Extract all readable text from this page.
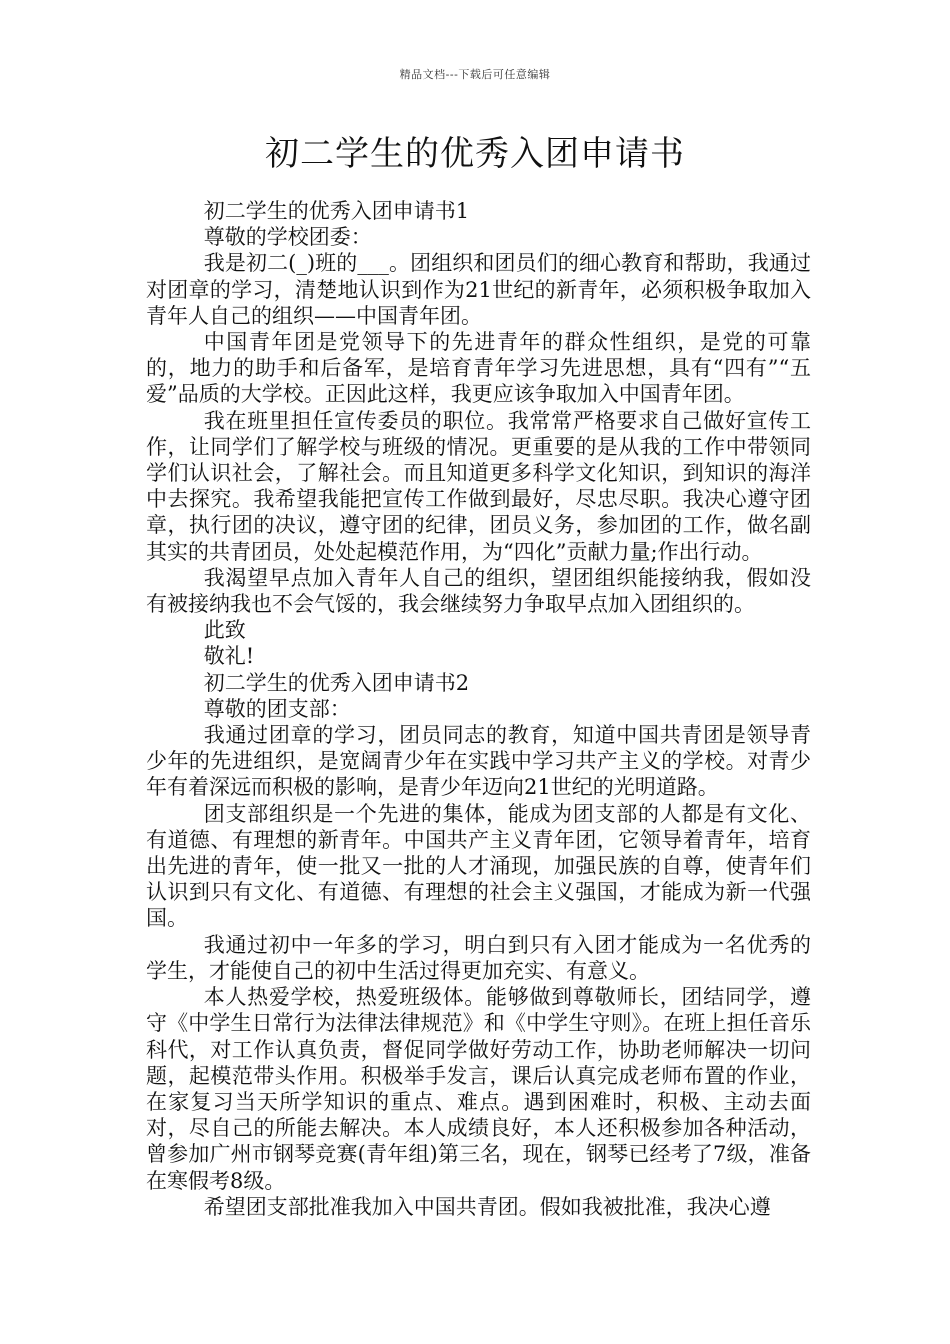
精品文档---下载后可任意编辑
初二学生的优秀入团申请书

初二学生的优秀入团申请书1

尊敬的学校团委：

我是初二(_)班的___。团组织和团员们的细心教育和帮助，我通过对团章的学习，清楚地认识到作为21世纪的新青年，必须积极争取加入青年人自己的组织——中国青年团。

中国青年团是党领导下的先进青年的群众性组织，是党的可靠的，地力的助手和后备军，是培育青年学习先进思想，具有“四有”“五爱”品质的大学校。正因此这样，我更应该争取加入中国青年团。

我在班里担任宣传委员的职位。我常常严格要求自己做好宣传工作，让同学们了解学校与班级的情况。更重要的是从我的工作中带领同学们认识社会，了解社会。而且知道更多科学文化知识，到知识的海洋中去探究。我希望我能把宣传工作做到最好，尽忠尽职。我决心遵守团章，执行团的决议，遵守团的纪律，团员义务，参加团的工作，做名副其实的共青团员，处处起模范作用，为“四化”贡献力量;作出行动。

我渴望早点加入青年人自己的组织，望团组织能接纳我，假如没有被接纳我也不会气馁的，我会继续努力争取早点加入团组织的。

此致

敬礼!

初二学生的优秀入团申请书2

尊敬的团支部：

我通过团章的学习，团员同志的教育，知道中国共青团是领导青少年的先进组织，是宽阔青少年在实践中学习共产主义的学校。对青少年有着深远而积极的影响，是青少年迈向21世纪的光明道路。

团支部组织是一个先进的集体，能成为团支部的人都是有文化、有道德、有理想的新青年。中国共产主义青年团，它领导着青年，培育出先进的青年，使一批又一批的人才涌现，加强民族的自尊，使青年们认识到只有文化、有道德、有理想的社会主义强国，才能成为新一代强国。

我通过初中一年多的学习，明白到只有入团才能成为一名优秀的学生，才能使自己的初中生活过得更加充实、有意义。

本人热爱学校，热爱班级体。能够做到尊敬师长，团结同学，遵守《中学生日常行为法律法律规范》和《中学生守则》。在班上担任音乐科代，对工作认真负责，督促同学做好劳动工作，协助老师解决一切问题，起模范带头作用。积极举手发言，课后认真完成老师布置的作业，在家复习当天所学知识的重点、难点。遇到困难时，积极、主动去面对，尽自己的所能去解决。本人成绩良好，本人还积极参加各种活动，曾参加广州市钢琴竞赛(青年组)第三名，现在，钢琴已经考了7级，准备在寒假考8级。

希望团支部批准我加入中国共青团。假如我被批准，我决心遵
